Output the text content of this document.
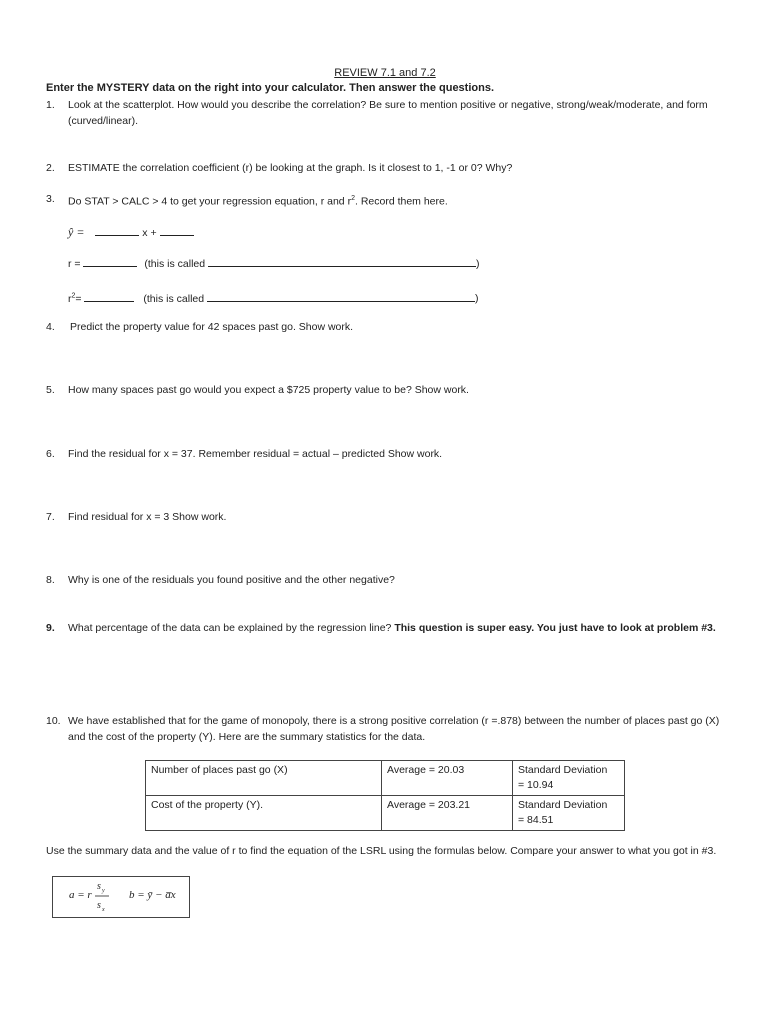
REVIEW 7.1 and 7.2
Enter the MYSTERY data on the right into your calculator. Then answer the questions.
1.	Look at the scatterplot. How would you describe the correlation? Be sure to mention positive or negative, strong/weak/moderate, and form (curved/linear).
2.	ESTIMATE the correlation coefficient (r) be looking at the graph. Is it closest to 1, -1 or 0? Why?
3.	Do STAT > CALC > 4 to get your regression equation, r and $r^2$. Record them here.
ŷ =	x +
r =	(this is called	)
$r^2=$	(this is called	)
4.	Predict the property value for 42 spaces past go. Show work.
5.	How many spaces past go would you expect a $725 property value to be? Show work.
6.	Find the residual for x = 37. Remember residual = actual – predicted Show work.
7.	Find residual for x = 3 Show work.
8.	Why is one of the residuals you found positive and the other negative?
9.	What percentage of the data can be explained by the regression line? This question is super easy. You just have to look at problem #3.
10. We have established that for the game of monopoly, there is a strong positive correlation (r =.878) between the number of places past go (X) and the cost of the property (Y). Here are the summary statistics for the data.
Number of places past go (X)	Average = 20.03	Standard Deviation
= 10.94
Cost of the property (Y).	Average = 203.21	Standard Deviation
= 84.51
Use the summary data and the value of r to find the equation of the LSRL using the formulas below. Compare your answer to what you got in #3.
a = r
s y
s x
b = ȳ − a̅x
